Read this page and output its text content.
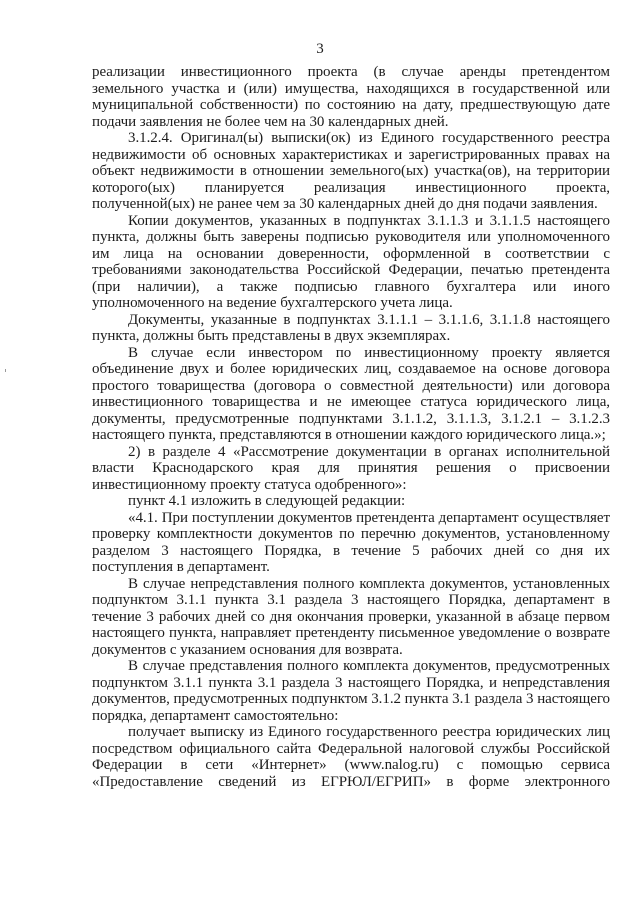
3

реализации инвестиционного проекта (в случае аренды претендентом земельного участка и (или) имущества, находящихся в государственной или муниципальной собственности) по состоянию на дату, предшествующую дате подачи заявления не более чем на 30 календарных дней.

3.1.2.4. Оригинал(ы) выписки(ок) из Единого государственного реестра недвижимости об основных характеристиках и зарегистрированных правах на объект недвижимости в отношении земельного(ых) участка(ов), на территории которого(ых) планируется реализация инвестиционного проекта, полученной(ых) не ранее чем за 30 календарных дней до дня подачи заявления.

Копии документов, указанных в подпунктах 3.1.1.3 и 3.1.1.5 настоящего пункта, должны быть заверены подписью руководителя или уполномоченного им лица на основании доверенности, оформленной в соответствии с требованиями законодательства Российской Федерации, печатью претендента (при наличии), а также подписью главного бухгалтера или иного уполномоченного на ведение бухгалтерского учета лица.

Документы, указанные в подпунктах 3.1.1.1 – 3.1.1.6, 3.1.1.8 настоящего пункта, должны быть представлены в двух экземплярах.

В случае если инвестором по инвестиционному проекту является объединение двух и более юридических лиц, создаваемое на основе договора простого товарищества (договора о совместной деятельности) или договора инвестиционного товарищества и не имеющее статуса юридического лица, документы, предусмотренные подпунктами 3.1.1.2, 3.1.1.3, 3.1.2.1 – 3.1.2.3 настоящего пункта, представляются в отношении каждого юридического лица.»;

2) в разделе 4 «Рассмотрение документации в органах исполнительной власти Краснодарского края для принятия решения о присвоении инвестиционному проекту статуса одобренного»:

пункт 4.1 изложить в следующей редакции:

«4.1. При поступлении документов претендента департамент осуществляет проверку комплектности документов по перечню документов, установленному разделом 3 настоящего Порядка, в течение 5 рабочих дней со дня их поступления в департамент.

В случае непредставления полного комплекта документов, установленных подпунктом 3.1.1 пункта 3.1 раздела 3 настоящего Порядка, департамент в течение 3 рабочих дней со дня окончания проверки, указанной в абзаце первом настоящего пункта, направляет претенденту письменное уведомление о возврате документов с указанием основания для возврата.

В случае представления полного комплекта документов, предусмотренных подпунктом 3.1.1 пункта 3.1 раздела 3 настоящего Порядка, и непредставления документов, предусмотренных подпунктом 3.1.2 пункта 3.1 раздела 3 настоящего порядка, департамент самостоятельно:

получает выписку из Единого государственного реестра юридических лиц посредством официального сайта Федеральной налоговой службы Российской Федерации в сети «Интернет» (www.nalog.ru) с помощью сервиса «Предоставление сведений из ЕГРЮЛ/ЕГРИП» в форме электронного
